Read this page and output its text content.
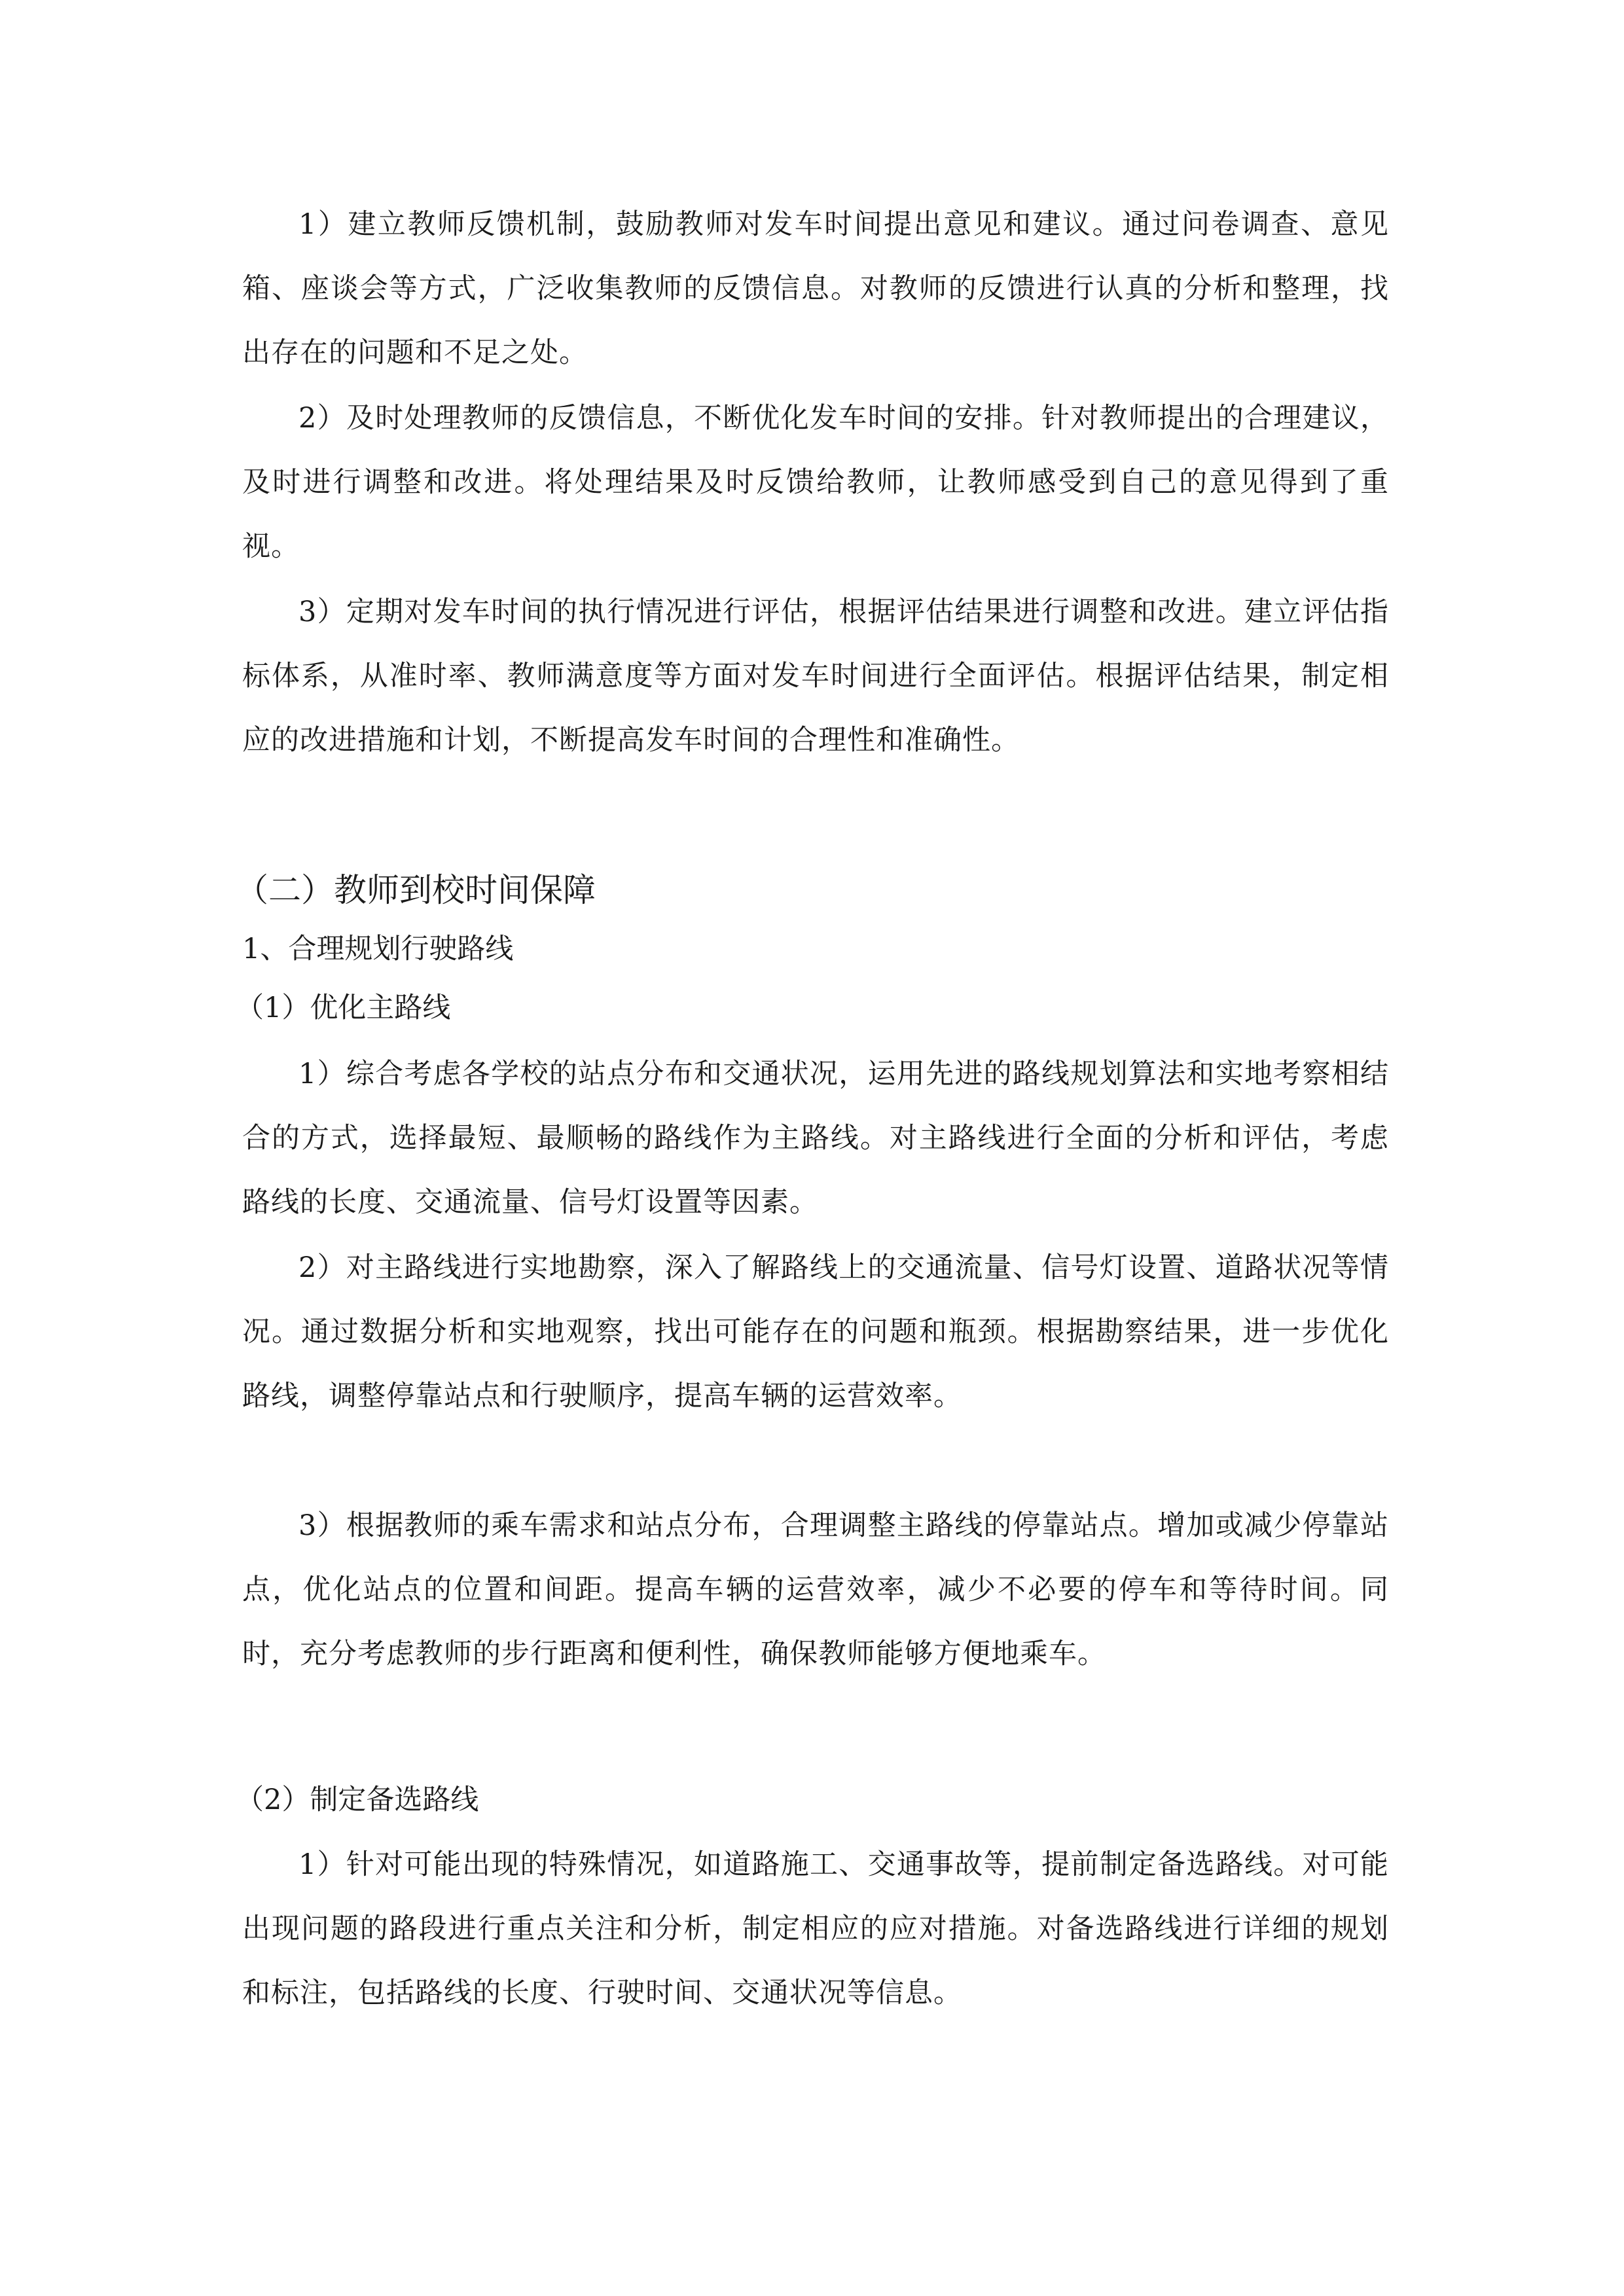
1）建立教师反馈机制，鼓励教师对发车时间提出意见和建议。通过问卷调查、意见箱、座谈会等方式，广泛收集教师的反馈信息。对教师的反馈进行认真的分析和整理，找出存在的问题和不足之处。

2）及时处理教师的反馈信息，不断优化发车时间的安排。针对教师提出的合理建议，及时进行调整和改进。将处理结果及时反馈给教师，让教师感受到自己的意见得到了重视。

3）定期对发车时间的执行情况进行评估，根据评估结果进行调整和改进。建立评估指标体系，从准时率、教师满意度等方面对发车时间进行全面评估。根据评估结果，制定相应的改进措施和计划，不断提高发车时间的合理性和准确性。

（二）教师到校时间保障
1、合理规划行驶路线
（1）优化主路线

1）综合考虑各学校的站点分布和交通状况，运用先进的路线规划算法和实地考察相结合的方式，选择最短、最顺畅的路线作为主路线。对主路线进行全面的分析和评估，考虑路线的长度、交通流量、信号灯设置等因素。

2）对主路线进行实地勘察，深入了解路线上的交通流量、信号灯设置、道路状况等情况。通过数据分析和实地观察，找出可能存在的问题和瓶颈。根据勘察结果，进一步优化路线，调整停靠站点和行驶顺序，提高车辆的运营效率。

3）根据教师的乘车需求和站点分布，合理调整主路线的停靠站点。增加或减少停靠站点，优化站点的位置和间距。提高车辆的运营效率，减少不必要的停车和等待时间。同时，充分考虑教师的步行距离和便利性，确保教师能够方便地乘车。

（2）制定备选路线

1）针对可能出现的特殊情况，如道路施工、交通事故等，提前制定备选路线。对可能出现问题的路段进行重点关注和分析，制定相应的应对措施。对备选路线进行详细的规划和标注，包括路线的长度、行驶时间、交通状况等信息。
